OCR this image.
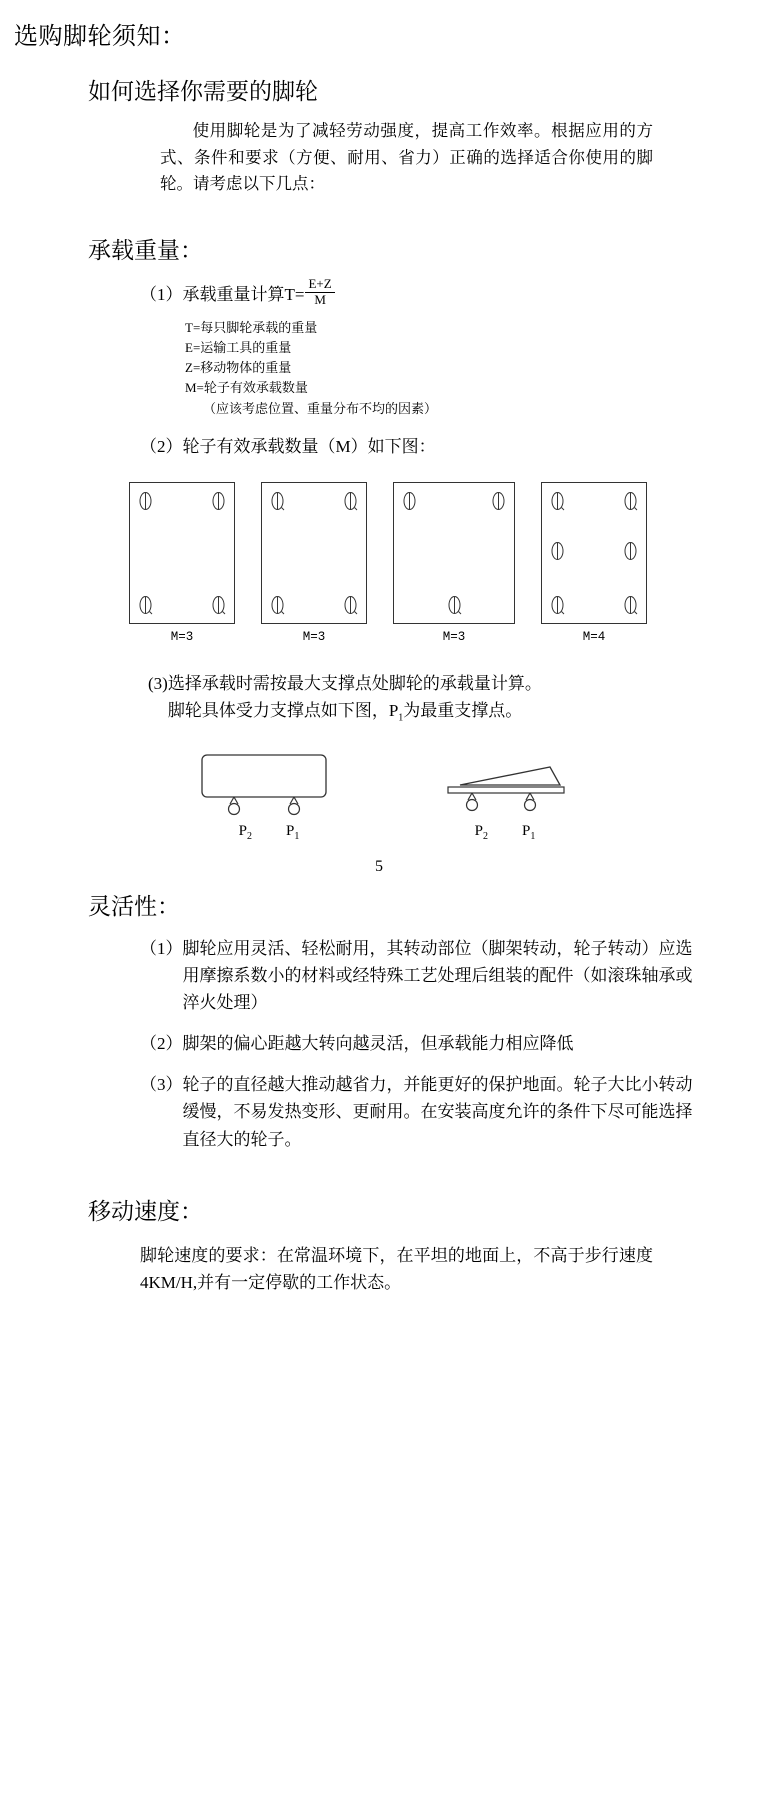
选购脚轮须知：
如何选择你需要的脚轮
使用脚轮是为了减轻劳动强度，提高工作效率。根据应用的方式、条件和要求（方便、耐用、省力）正确的选择适合你使用的脚轮。请考虑以下几点：
承载重量：
（1） 承载重量计算$T= \frac{E+Z}{M}$
T=每只脚轮承载的重量
E=运输工具的重量
Z=移动物体的重量
M=轮子有效承载数量
（应该考虑位置、重量分布不均的因素）
（2） 轮子有效承载数量（M）如下图：
M=3	M=3	M=3	M=4
(3) 选择承载时需按最大支撑点处脚轮的承载量计算。
脚轮具体受力支撑点如下图，$P_1$为最重支撑点。
$P_2$ $P_1$	$P_2$ $P_1$
5
灵活性：
（1） 脚轮应用灵活、轻松耐用，其转动部位（脚架转动，轮子转动）应选用摩擦系数小的材料或经特殊工艺处理后组装的配件（如滚珠轴承或淬火处理）
（2） 脚架的偏心距越大转向越灵活，但承载能力相应降低
（3） 轮子的直径越大推动越省力，并能更好的保护地面。轮子大比小转动缓慢，不易发热变形、更耐用。在安装高度允许的条件下尽可能选择直径大的轮子。
移动速度：
脚轮速度的要求：在常温环境下，在平坦的地面上，不高于步行速度4KM/H,并有一定停歇的工作状态。
